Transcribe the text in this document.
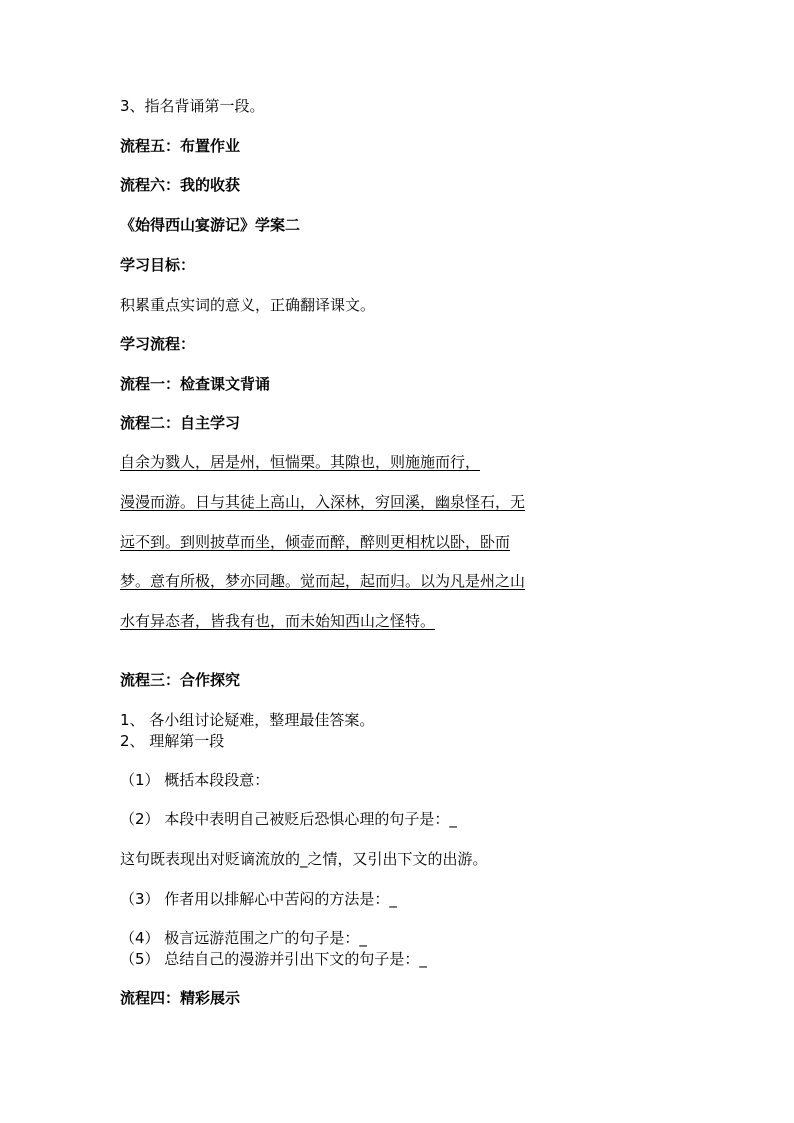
3、指名背诵第一段。
流程五：布置作业
流程六：我的收获
《始得西山宴游记》学案二
学习目标：
积累重点实词的意义，正确翻译课文。
学习流程：
流程一：检查课文背诵
流程二：自主学习
自余为戮人，居是州，恒惴栗。其隙也，则施施而行，
漫漫而游。日与其徒上高山，入深林，穷回溪，幽泉怪石，无
远不到。到则披草而坐，倾壶而醉，醉则更相枕以卧，卧而
梦。意有所极，梦亦同趣。觉而起，起而归。以为凡是州之山
水有异态者，皆我有也，而未始知西山之怪特。
流程三：合作探究
1、 各小组讨论疑难，整理最佳答案。
2、 理解第一段
（1） 概括本段段意：
（2） 本段中表明自己被贬后恐惧心理的句子是：_
这句既表现出对贬谪流放的_之情，又引出下文的出游。
（3） 作者用以排解心中苦闷的方法是：_
（4） 极言远游范围之广的句子是：_
（5） 总结自己的漫游并引出下文的句子是：_
流程四：精彩展示
